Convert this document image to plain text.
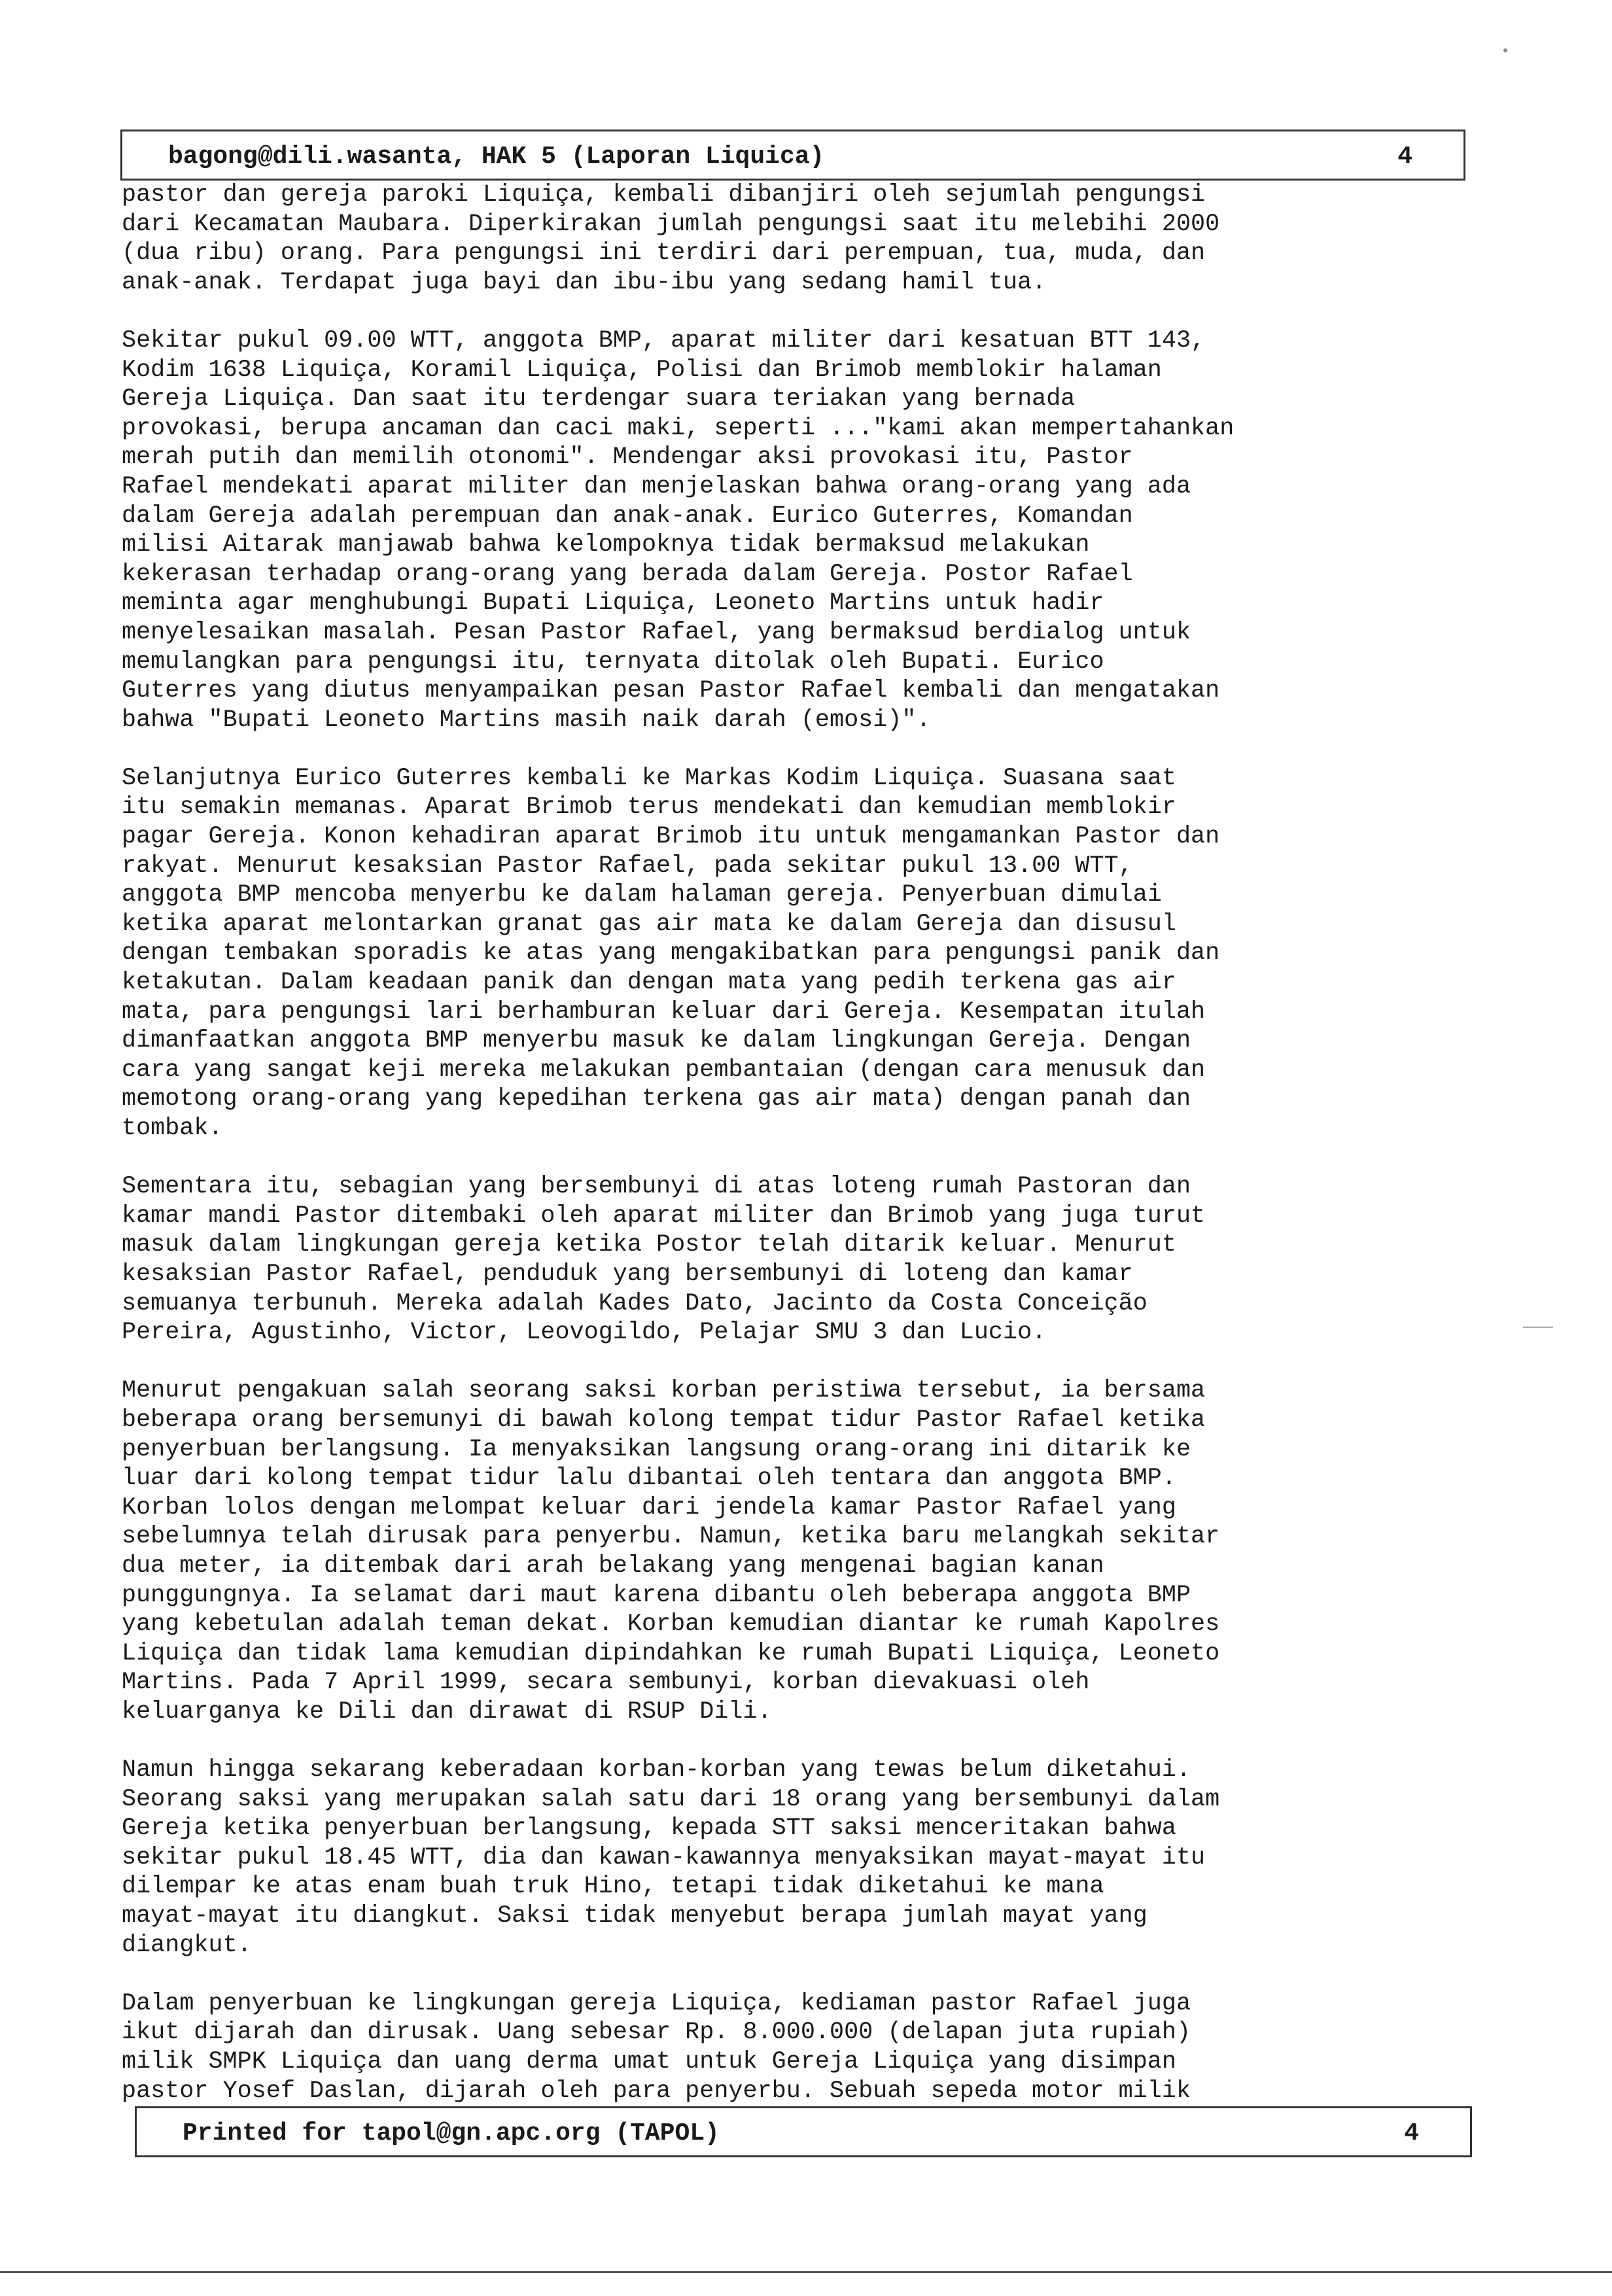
bagong@dili.wasanta, HAK 5 (Laporan Liquica)	4
pastor dan gereja paroki Liquiça, kembali dibanjiri oleh sejumlah pengungsi
dari Kecamatan Maubara. Diperkirakan jumlah pengungsi saat itu melebihi 2000
(dua ribu) orang. Para pengungsi ini terdiri dari perempuan, tua, muda, dan
anak-anak. Terdapat juga bayi dan ibu-ibu yang sedang hamil tua.
Sekitar pukul 09.00 WTT, anggota BMP, aparat militer dari kesatuan BTT 143,
Kodim 1638 Liquiça, Koramil Liquiça, Polisi dan Brimob memblokir halaman
Gereja Liquiça. Dan saat itu terdengar suara teriakan yang bernada
provokasi, berupa ancaman dan caci maki, seperti ..."kami akan mempertahankan
merah putih dan memilih otonomi". Mendengar aksi provokasi itu, Pastor
Rafael mendekati aparat militer dan menjelaskan bahwa orang-orang yang ada
dalam Gereja adalah perempuan dan anak-anak. Eurico Guterres, Komandan
milisi Aitarak manjawab bahwa kelompoknya tidak bermaksud melakukan
kekerasan terhadap orang-orang yang berada dalam Gereja. Postor Rafael
meminta agar menghubungi Bupati Liquiça, Leoneto Martins untuk hadir
menyelesaikan masalah. Pesan Pastor Rafael, yang bermaksud berdialog untuk
memulangkan para pengungsi itu, ternyata ditolak oleh Bupati. Eurico
Guterres yang diutus menyampaikan pesan Pastor Rafael kembali dan mengatakan
bahwa "Bupati Leoneto Martins masih naik darah (emosi)".
Selanjutnya Eurico Guterres kembali ke Markas Kodim Liquiça. Suasana saat
itu semakin memanas. Aparat Brimob terus mendekati dan kemudian memblokir
pagar Gereja. Konon kehadiran aparat Brimob itu untuk mengamankan Pastor dan
rakyat. Menurut kesaksian Pastor Rafael, pada sekitar pukul 13.00 WTT,
anggota BMP mencoba menyerbu ke dalam halaman gereja. Penyerbuan dimulai
ketika aparat melontarkan granat gas air mata ke dalam Gereja dan disusul
dengan tembakan sporadis ke atas yang mengakibatkan para pengungsi panik dan
ketakutan. Dalam keadaan panik dan dengan mata yang pedih terkena gas air
mata, para pengungsi lari berhamburan keluar dari Gereja. Kesempatan itulah
dimanfaatkan anggota BMP menyerbu masuk ke dalam lingkungan Gereja. Dengan
cara yang sangat keji mereka melakukan pembantaian (dengan cara menusuk dan
memotong orang-orang yang kepedihan terkena gas air mata) dengan panah dan
tombak.
Sementara itu, sebagian yang bersembunyi di atas loteng rumah Pastoran dan
kamar mandi Pastor ditembaki oleh aparat militer dan Brimob yang juga turut
masuk dalam lingkungan gereja ketika Postor telah ditarik keluar. Menurut
kesaksian Pastor Rafael, penduduk yang bersembunyi di loteng dan kamar
semuanya terbunuh. Mereka adalah Kades Dato, Jacinto da Costa Conceição
Pereira, Agustinho, Victor, Leovogildo, Pelajar SMU 3 dan Lucio.
Menurut pengakuan salah seorang saksi korban peristiwa tersebut, ia bersama
beberapa orang bersemunyi di bawah kolong tempat tidur Pastor Rafael ketika
penyerbuan berlangsung. Ia menyaksikan langsung orang-orang ini ditarik ke
luar dari kolong tempat tidur lalu dibantai oleh tentara dan anggota BMP.
Korban lolos dengan melompat keluar dari jendela kamar Pastor Rafael yang
sebelumnya telah dirusak para penyerbu. Namun, ketika baru melangkah sekitar
dua meter, ia ditembak dari arah belakang yang mengenai bagian kanan
punggungnya. Ia selamat dari maut karena dibantu oleh beberapa anggota BMP
yang kebetulan adalah teman dekat. Korban kemudian diantar ke rumah Kapolres
Liquiça dan tidak lama kemudian dipindahkan ke rumah Bupati Liquiça, Leoneto
Martins. Pada 7 April 1999, secara sembunyi, korban dievakuasi oleh
keluarganya ke Dili dan dirawat di RSUP Dili.
Namun hingga sekarang keberadaan korban-korban yang tewas belum diketahui.
Seorang saksi yang merupakan salah satu dari 18 orang yang bersembunyi dalam
Gereja ketika penyerbuan berlangsung, kepada STT saksi menceritakan bahwa
sekitar pukul 18.45 WTT, dia dan kawan-kawannya menyaksikan mayat-mayat itu
dilempar ke atas enam buah truk Hino, tetapi tidak diketahui ke mana
mayat-mayat itu diangkut. Saksi tidak menyebut berapa jumlah mayat yang
diangkut.
Dalam penyerbuan ke lingkungan gereja Liquiça, kediaman pastor Rafael juga
ikut dijarah dan dirusak. Uang sebesar Rp. 8.000.000 (delapan juta rupiah)
milik SMPK Liquiça dan uang derma umat untuk Gereja Liquiça yang disimpan
pastor Yosef Daslan, dijarah oleh para penyerbu. Sebuah sepeda motor milik
Printed for tapol@gn.apc.org (TAPOL)	4
